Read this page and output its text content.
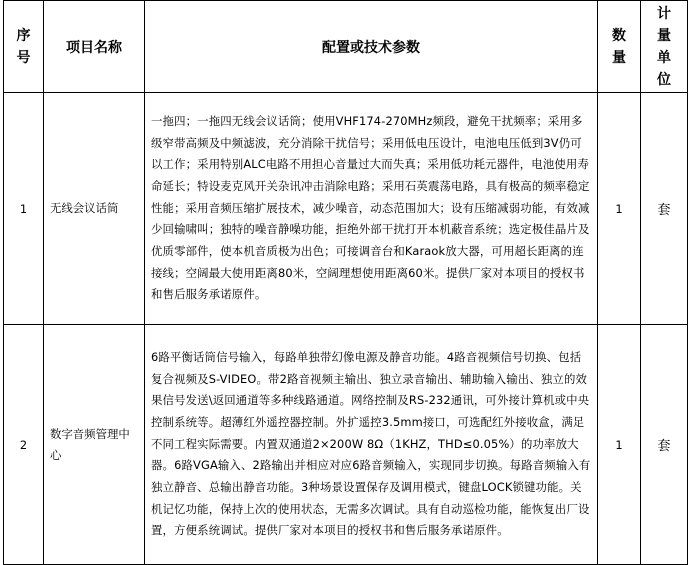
序号	项目名称	配置或技术参数	数量	计量单位

1	无线会议话筒	一拖四；一拖四无线会议话筒；使用VHF174-270MHz频段，避免干扰频率；采用多级窄带高频及中频滤波，充分消除干扰信号；采用低电压设计，电池电压低到3V仍可以工作；采用特别ALC电路不用担心音量过大而失真；采用低功耗元器件，电池使用寿命延长；特设麦克风开关杂讯冲击消除电路；采用石英震荡电路，具有极高的频率稳定性能；采用音频压缩扩展技术，减少噪音，动态范围加大；设有压缩减弱功能，有效减少回输啸叫；独特的噪音静噪功能，拒绝外部干扰打开本机蔽音系统；选定极佳晶片及优质零部件，使本机音质极为出色；可接调音台和Karaok放大器，可用超长距离的连接线；空阔最大使用距离80米，空阔理想使用距离60米。提供厂家对本项目的授权书和售后服务承诺原件。	1	套
2	数字音频管理中心	6路平衡话筒信号输入，每路单独带幻像电源及静音功能。4路音视频信号切换、包括复合视频及S-VIDEO。带2路音视频主输出、独立录音输出、辅助输入输出、独立的效果信号发送\返回通道等多种线路通道。网络控制及RS-232通讯，可外接计算机或中央控制系统等。超薄红外遥控器控制。外扩遥控3.5mm接口，可选配红外接收盒，满足不同工程实际需要。内置双通道2×200W 8Ω（1KHZ，THD≤0.05%）的功率放大器。6路VGA输入、2路输出并相应对应6路音频输入，实现同步切换。每路音频输入有独立静音、总输出静音功能。3种场景设置保存及调用模式，键盘LOCK锁键功能。关机记忆功能，保持上次的使用状态，无需多次调试。具有自动巡检功能，能恢复出厂设置，方便系统调试。提供厂家对本项目的授权书和售后服务承诺原件。	1	套
